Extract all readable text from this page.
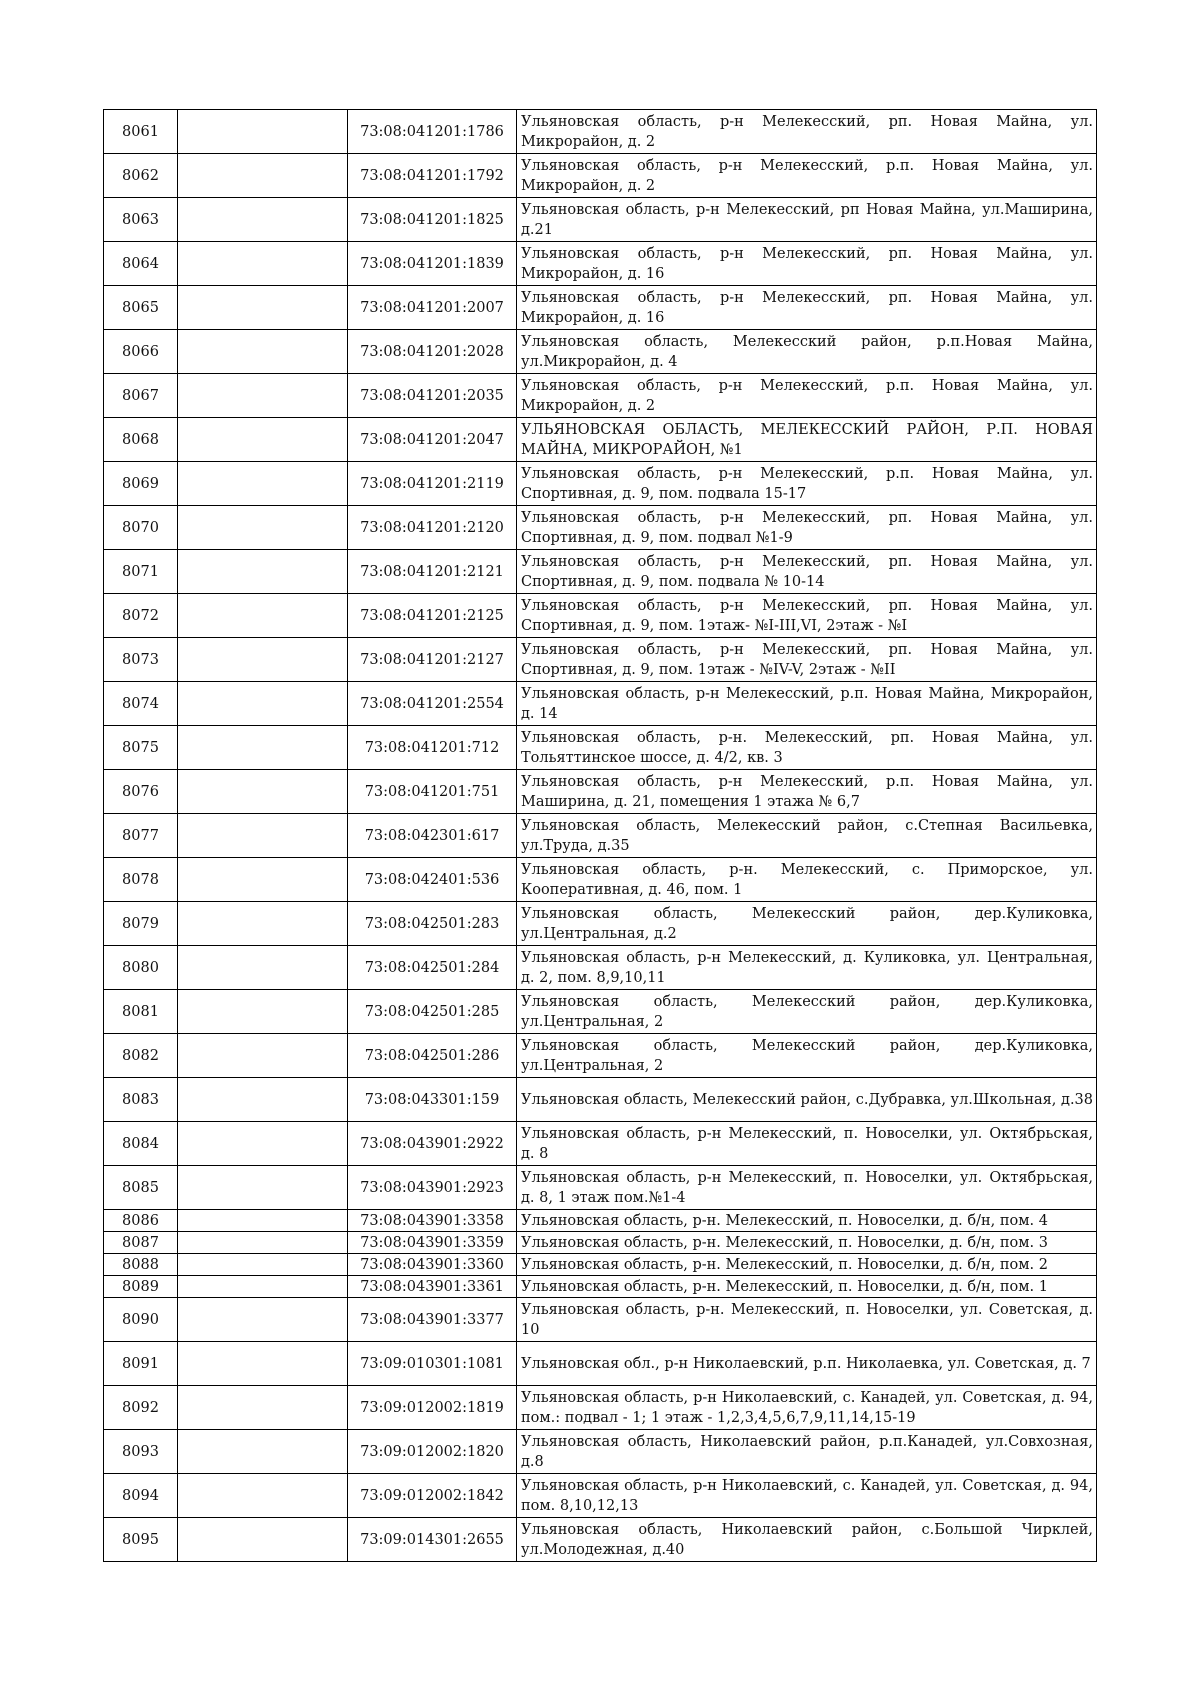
8061		73:08:041201:1786	Ульяновская область, р-н Мелекесский, рп. Новая Майна, ул. Микрорайон, д. 2
8062		73:08:041201:1792	Ульяновская область, р-н Мелекесский, р.п. Новая Майна, ул. Микрорайон, д. 2
8063		73:08:041201:1825	Ульяновская область, р-н Мелекесский, рп Новая Майна, ул.Маширина, д.21
8064		73:08:041201:1839	Ульяновская область, р-н Мелекесский, рп. Новая Майна, ул. Микрорайон, д. 16
8065		73:08:041201:2007	Ульяновская область, р-н Мелекесский, рп. Новая Майна, ул. Микрорайон, д. 16
8066		73:08:041201:2028	Ульяновская область, Мелекесский район, р.п.Новая Майна, ул.Микрорайон, д. 4
8067		73:08:041201:2035	Ульяновская область, р-н Мелекесский, р.п. Новая Майна, ул. Микрорайон, д. 2
8068		73:08:041201:2047	УЛЬЯНОВСКАЯ ОБЛАСТЬ, МЕЛЕКЕССКИЙ РАЙОН, Р.П. НОВАЯ МАЙНА, МИКРОРАЙОН, №1
8069		73:08:041201:2119	Ульяновская область, р-н Мелекесский, р.п. Новая Майна, ул. Спортивная, д. 9, пом. подвала 15-17
8070		73:08:041201:2120	Ульяновская область, р-н Мелекесский, рп. Новая Майна, ул. Спортивная, д. 9, пом. подвал №1-9
8071		73:08:041201:2121	Ульяновская область, р-н Мелекесский, рп. Новая Майна, ул. Спортивная, д. 9, пом. подвала № 10-14
8072		73:08:041201:2125	Ульяновская область, р-н Мелекесский, рп. Новая Майна, ул. Спортивная, д. 9, пом. 1этаж- №I-III,VI, 2этаж - №I
8073		73:08:041201:2127	Ульяновская область, р-н Мелекесский, рп. Новая Майна, ул. Спортивная, д. 9, пом. 1этаж - №IV-V, 2этаж - №II
8074		73:08:041201:2554	Ульяновская область, р-н Мелекесский, р.п. Новая Майна, Микрорайон, д. 14
8075		73:08:041201:712	Ульяновская область, р-н. Мелекесский, рп. Новая Майна, ул. Тольяттинское шоссе, д. 4/2, кв. 3
8076		73:08:041201:751	Ульяновская область, р-н Мелекесский, р.п. Новая Майна, ул. Маширина, д. 21, помещения 1 этажа № 6,7
8077		73:08:042301:617	Ульяновская область, Мелекесский район, с.Степная Васильевка, ул.Труда, д.35
8078		73:08:042401:536	Ульяновская область, р-н. Мелекесский, с. Приморское, ул. Кооперативная, д. 46, пом. 1
8079		73:08:042501:283	Ульяновская область, Мелекесский район, дер.Куликовка, ул.Центральная, д.2
8080		73:08:042501:284	Ульяновская область, р-н Мелекесский, д. Куликовка, ул. Центральная, д. 2, пом. 8,9,10,11
8081		73:08:042501:285	Ульяновская область, Мелекесский район, дер.Куликовка, ул.Центральная, 2
8082		73:08:042501:286	Ульяновская область, Мелекесский район, дер.Куликовка, ул.Центральная, 2
8083		73:08:043301:159	Ульяновская область, Мелекесский район, с.Дубравка, ул.Школьная, д.38
8084		73:08:043901:2922	Ульяновская область, р-н Мелекесский, п. Новоселки, ул. Октябрьская, д. 8
8085		73:08:043901:2923	Ульяновская область, р-н Мелекесский, п. Новоселки, ул. Октябрьская, д. 8, 1 этаж пом.№1-4
8086		73:08:043901:3358	Ульяновская область, р-н. Мелекесский, п. Новоселки, д. б/н, пом. 4
8087		73:08:043901:3359	Ульяновская область, р-н. Мелекесский, п. Новоселки, д. б/н, пом. 3
8088		73:08:043901:3360	Ульяновская область, р-н. Мелекесский, п. Новоселки, д. б/н, пом. 2
8089		73:08:043901:3361	Ульяновская область, р-н. Мелекесский, п. Новоселки, д. б/н, пом. 1
8090		73:08:043901:3377	Ульяновская область, р-н. Мелекесский, п. Новоселки, ул. Советская, д. 10
8091		73:09:010301:1081	Ульяновская обл., р-н Николаевский, р.п. Николаевка, ул. Советская, д. 7
8092		73:09:012002:1819	Ульяновская область, р-н Николаевский, с. Канадей, ул. Советская, д. 94, пом.: подвал - 1; 1 этаж - 1,2,3,4,5,6,7,9,11,14,15-19
8093		73:09:012002:1820	Ульяновская область, Николаевский район, р.п.Канадей, ул.Совхозная, д.8
8094		73:09:012002:1842	Ульяновская область, р-н Николаевский, с. Канадей, ул. Советская, д. 94, пом. 8,10,12,13
8095		73:09:014301:2655	Ульяновская область, Николаевский район, с.Большой Чирклей, ул.Молодежная, д.40
